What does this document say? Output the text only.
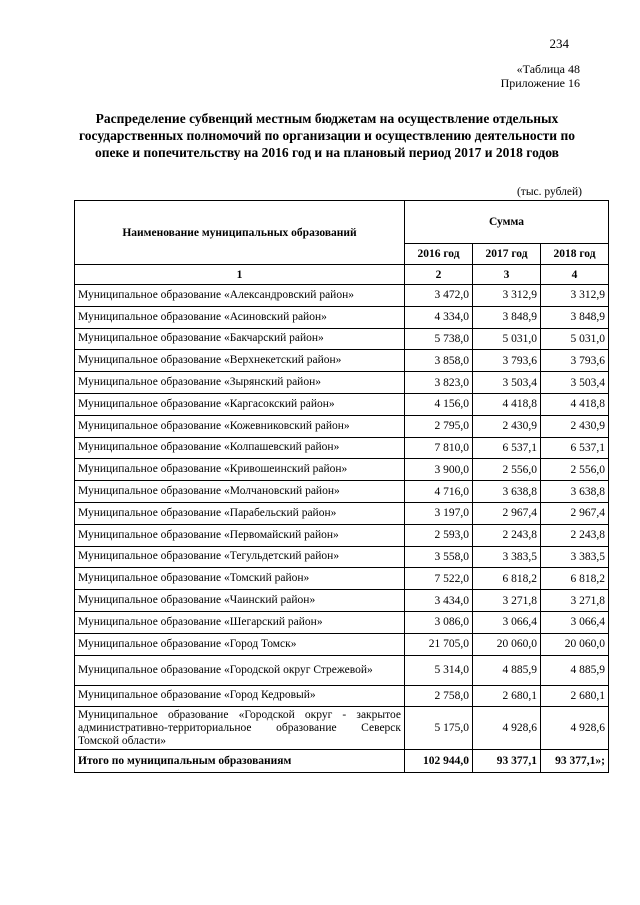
234
«Таблица 48
Приложение 16
Распределение субвенций местным бюджетам на осуществление отдельных государственных полномочий по организации и осуществлению деятельности по опеке и попечительству на 2016 год и на плановый период 2017 и 2018 годов
(тыс. рублей)
Наименование муниципальных образований	Сумма		
	2016 год	2017 год	2018 год
1	2	3	4
Муниципальное образование «Александровский район»	3 472,0	3 312,9	3 312,9
Муниципальное образование «Асиновский район»	4 334,0	3 848,9	3 848,9
Муниципальное образование «Бакчарский район»	5 738,0	5 031,0	5 031,0
Муниципальное образование «Верхнекетский район»	3 858,0	3 793,6	3 793,6
Муниципальное образование «Зырянский район»	3 823,0	3 503,4	3 503,4
Муниципальное образование «Каргасокский район»	4 156,0	4 418,8	4 418,8
Муниципальное образование «Кожевниковский район»	2 795,0	2 430,9	2 430,9
Муниципальное образование «Колпашевский район»	7 810,0	6 537,1	6 537,1
Муниципальное образование «Кривошеинский район»	3 900,0	2 556,0	2 556,0
Муниципальное образование «Молчановский район»	4 716,0	3 638,8	3 638,8
Муниципальное образование «Парабельский район»	3 197,0	2 967,4	2 967,4
Муниципальное образование «Первомайский район»	2 593,0	2 243,8	2 243,8
Муниципальное образование «Тегульдетский район»	3 558,0	3 383,5	3 383,5
Муниципальное образование «Томский район»	7 522,0	6 818,2	6 818,2
Муниципальное образование «Чаинский район»	3 434,0	3 271,8	3 271,8
Муниципальное образование «Шегарский район»	3 086,0	3 066,4	3 066,4
Муниципальное образование «Город Томск»	21 705,0	20 060,0	20 060,0
Муниципальное образование «Городской округ Стрежевой»	5 314,0	4 885,9	4 885,9
Муниципальное образование «Город Кедровый»	2 758,0	2 680,1	2 680,1
Муниципальное образование «Городской округ - закрытое административно-территориальное образование Северск Томской области»	5 175,0	4 928,6	4 928,6
Итого по муниципальным образованиям	102 944,0	93 377,1	93 377,1»;
